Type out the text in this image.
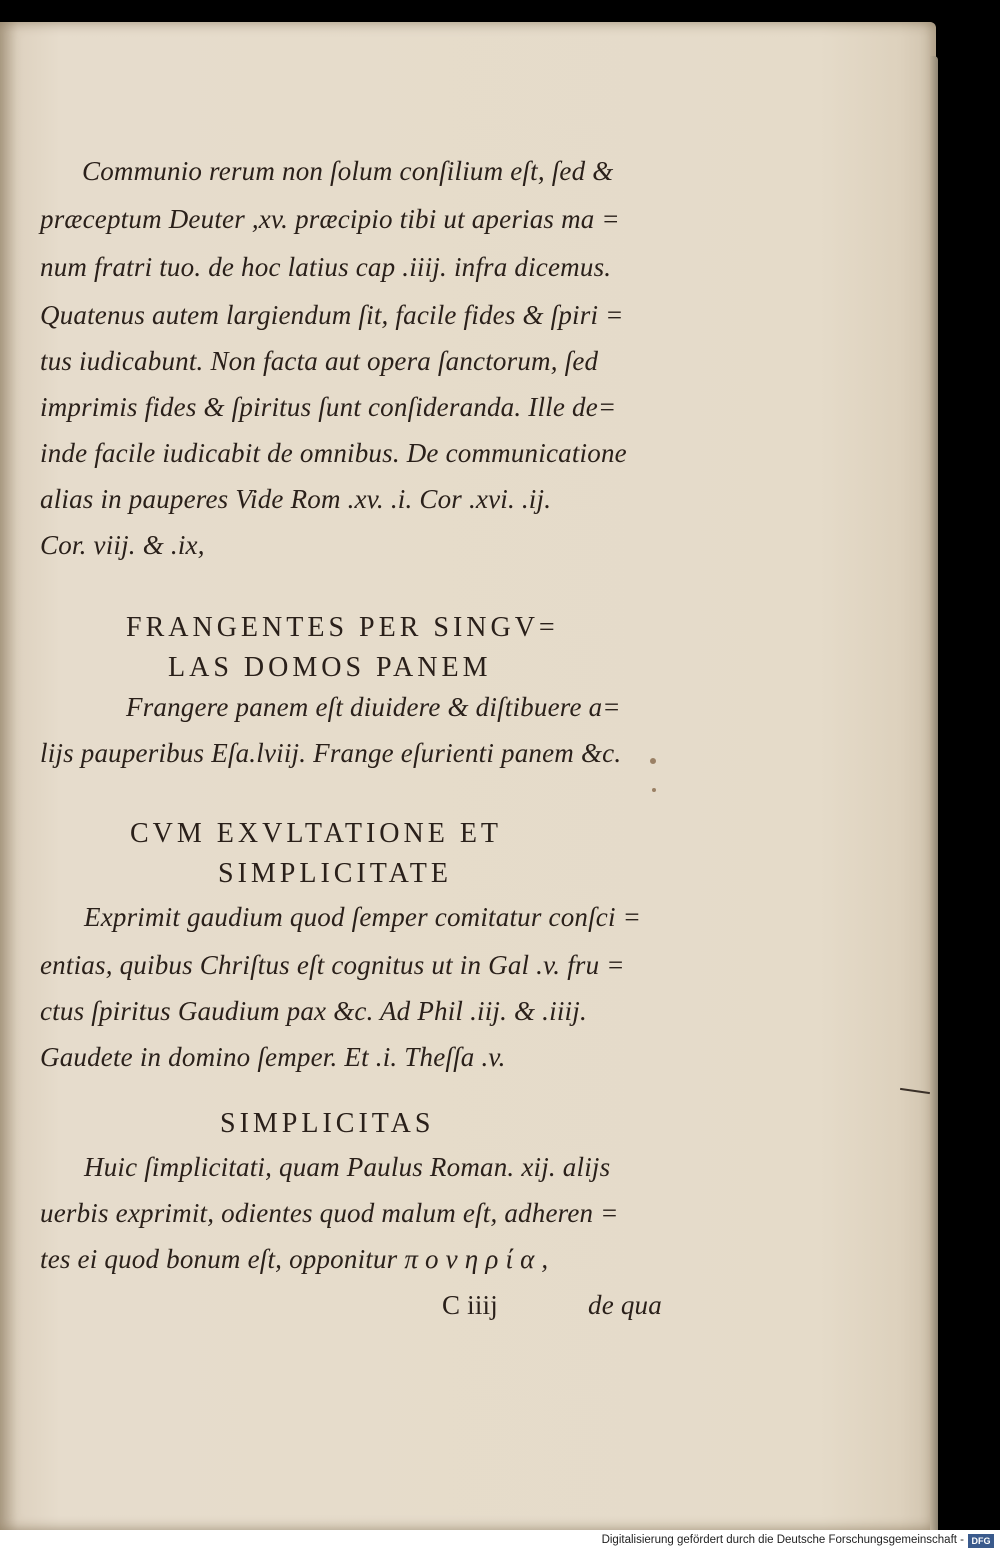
Communio rerum non ſolum conſilium eſt, ſed &
præceptum Deuter ,xv. præcipio tibi ut aperias ma =
num fratri tuo. de hoc latius cap .iiij. infra dicemus.
Quatenus autem largiendum ſit, facile fides & ſpiri =
tus iudicabunt. Non facta aut opera ſanctorum, ſed
imprimis fides & ſpiritus ſunt conſideranda. Ille de=
inde facile iudicabit de omnibus. De communicatione
alias in pauperes Vide Rom .xv. .i. Cor .xvi. .ij.
Cor. viij. & .ix,
FRANGENTES PER SINGV=
LAS DOMOS PANEM
Frangere panem eſt diuidere & diſtibuere a=
lijs pauperibus Eſa.lviij. Frange eſurienti panem &c.
CVM EXVLTATIONE ET
SIMPLICITATE
Exprimit gaudium quod ſemper comitatur conſci =
entias, quibus Chriſtus eſt cognitus ut in Gal .v. fru =
ctus ſpiritus Gaudium pax &c. Ad Phil .iij. & .iiij.
Gaudete in domino ſemper. Et .i. Theſſa .v.
SIMPLICITAS
Huic ſimplicitati, quam Paulus Roman. xij. alijs
uerbis exprimit, odientes quod malum eſt, adheren =
tes ei quod bonum eſt, opponitur π ο ν η ρ ί α ,
C iiij	de qua
Digitalisierung gefördert durch die Deutsche Forschungsgemeinschaft - DFG
